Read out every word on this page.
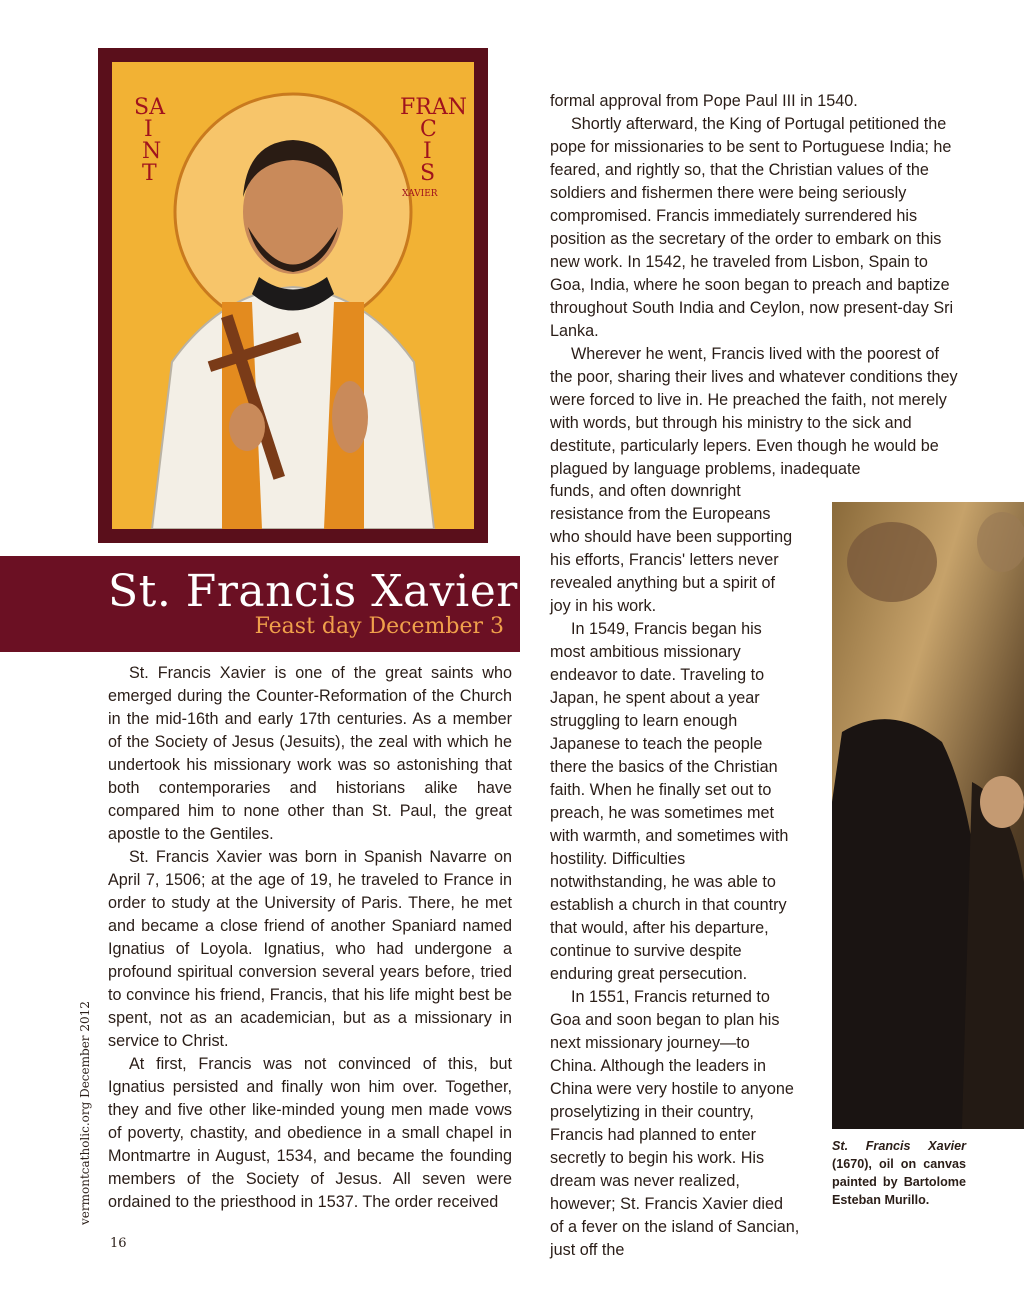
SA
I
N
T
FRAN
C
I
S
XAVIER
St. Francis Xavier
Feast day December 3

St. Francis Xavier is one of the great saints who emerged during the Counter-Reformation of the Church in the mid-16th and early 17th centuries. As a member of the Society of Jesus (Jesuits), the zeal with which he undertook his missionary work was so astonishing that both contemporaries and historians alike have compared him to none other than St. Paul, the great apostle to the Gentiles.

St. Francis Xavier was born in Spanish Navarre on April 7, 1506; at the age of 19, he traveled to France in order to study at the University of Paris. There, he met and became a close friend of another Spaniard named Ignatius of Loyola. Ignatius, who had undergone a profound spiritual conversion several years before, tried to convince his friend, Francis, that his life might best be spent, not as an academician, but as a missionary in service to Christ.

At first, Francis was not convinced of this, but Ignatius persisted and finally won him over. Together, they and five other like-minded young men made vows of poverty, chastity, and obedience in a small chapel in Montmartre in August, 1534, and became the founding members of the Society of Jesus. All seven were ordained to the priesthood in 1537. The order received

formal approval from Pope Paul III in 1540.

Shortly afterward, the King of Portugal petitioned the pope for missionaries to be sent to Portuguese India; he feared, and rightly so, that the Christian values of the soldiers and fishermen there were being seriously compromised. Francis immediately surrendered his position as the secretary of the order to embark on this new work. In 1542, he traveled from Lisbon, Spain to Goa, India, where he soon began to preach and baptize throughout South India and Ceylon, now present-day Sri Lanka.

Wherever he went, Francis lived with the poorest of the poor, sharing their lives and whatever conditions they were forced to live in. He preached the faith, not merely with words, but through his ministry to the sick and destitute, particularly lepers. Even though he would be plagued by language problems, inadequate

funds, and often downright resistance from the Europeans who should have been supporting his efforts, Francis' letters never revealed anything but a spirit of joy in his work.

In 1549, Francis began his most ambitious missionary endeavor to date. Traveling to Japan, he spent about a year struggling to learn enough Japanese to teach the people there the basics of the Christian faith. When he finally set out to preach, he was sometimes met with warmth, and sometimes with hostility. Difficulties notwithstanding, he was able to establish a church in that country that would, after his departure, continue to survive despite enduring great persecution.

In 1551, Francis returned to Goa and soon began to plan his next missionary journey—to China. Although the leaders in China were very hostile to anyone proselytizing in their country, Francis had planned to enter secretly to begin his work. His dream was never realized, however; St. Francis Xavier died of a fever on the island of Sancian, just off the

St. Francis Xavier (1670), oil on canvas painted by Bartolome Esteban Murillo.
vermontcatholic.org December 2012
16
